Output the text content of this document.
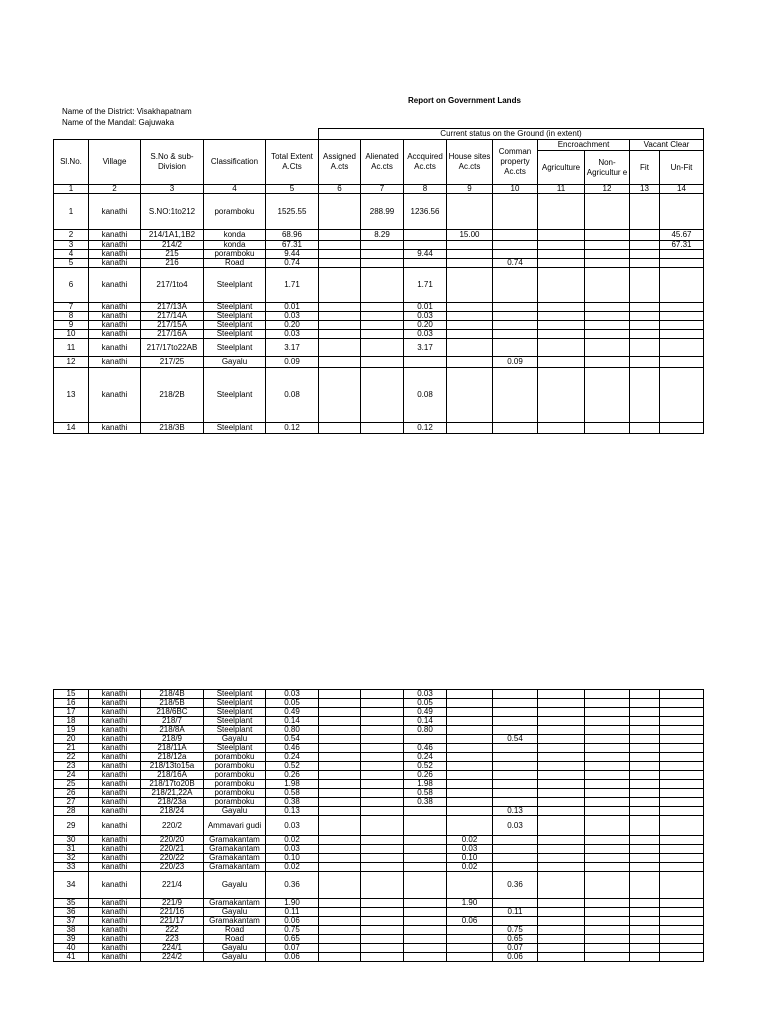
Report on Government Lands
Name of the District: Visakhapatnam
Name of the Mandal: Gajuwaka
Current status on the Ground (in extent)
Sl.No.	Village	S.No & sub-Division	Classification	Total Extent A.Cts	Assigned A.cts	Alienated Ac.cts	Accquired Ac.cts	House sites Ac.cts	Comman property Ac.cts	Encroachment		Vacant Clear	
										Agriculture	Non-Agricultur e	Fit	Un-Fit
1	2	3	4	5	6	7	8	9	10	11	12	13	14
1	kanathi	S.NO:1to212	poramboku	1525.55		288.99	1236.56						
2	kanathi	214/1A1,1B2	konda	68.96		8.29		15.00					45.67
3	kanathi	214/2	konda	67.31									67.31
4	kanathi	215	poramboku	9.44			9.44						
5	kanathi	216	Road	0.74					0.74				
6	kanathi	217/1to4	Steelplant	1.71			1.71						
7	kanathi	217/13A	Steelplant	0.01			0.01						
8	kanathi	217/14A	Steelplant	0.03			0.03						
9	kanathi	217/15A	Steelplant	0.20			0.20						
10	kanathi	217/16A	Steelplant	0.03			0.03						
11	kanathi	217/17to22AB	Steelplant	3.17			3.17						
12	kanathi	217/25	Gayalu	0.09					0.09				
13	kanathi	218/2B	Steelplant	0.08			0.08						
14	kanathi	218/3B	Steelplant	0.12			0.12						
15	kanathi	218/4B	Steelplant	0.03			0.03						
16	kanathi	218/5B	Steelplant	0.05			0.05						
17	kanathi	218/6BC	Steelplant	0.49			0.49						
18	kanathi	218/7	Steelplant	0.14			0.14						
19	kanathi	218/8A	Steelplant	0.80			0.80						
20	kanathi	218/9	Gayalu	0.54					0.54				
21	kanathi	218/11A	Steelplant	0.46			0.46						
22	kanathi	218/12a	poramboku	0.24			0.24						
23	kanathi	218/13to15a	poramboku	0.52			0.52						
24	kanathi	218/16A	poramboku	0.26			0.26						
25	kanathi	218/17to20B	poramboku	1.98			1.98						
26	kanathi	218/21,22A	poramboku	0.58			0.58						
27	kanathi	218/23a	poramboku	0.38			0.38						
28	kanathi	218/24	Gayalu	0.13					0.13				
29	kanathi	220/2	Ammavari gudi	0.03					0.03				
30	kanathi	220/20	Gramakantam	0.02				0.02					
31	kanathi	220/21	Gramakantam	0.03				0.03					
32	kanathi	220/22	Gramakantam	0.10				0.10					
33	kanathi	220/23	Gramakantam	0.02				0.02					
34	kanathi	221/4	Gayalu	0.36					0.36				
35	kanathi	221/9	Gramakantam	1.90				1.90					
36	kanathi	221/16	Gayalu	0.11					0.11				
37	kanathi	221/17	Gramakantam	0.06				0.06					
38	kanathi	222	Road	0.75					0.75				
39	kanathi	223	Road	0.65					0.65				
40	kanathi	224/1	Gayalu	0.07					0.07				
41	kanathi	224/2	Gayalu	0.06					0.06				
